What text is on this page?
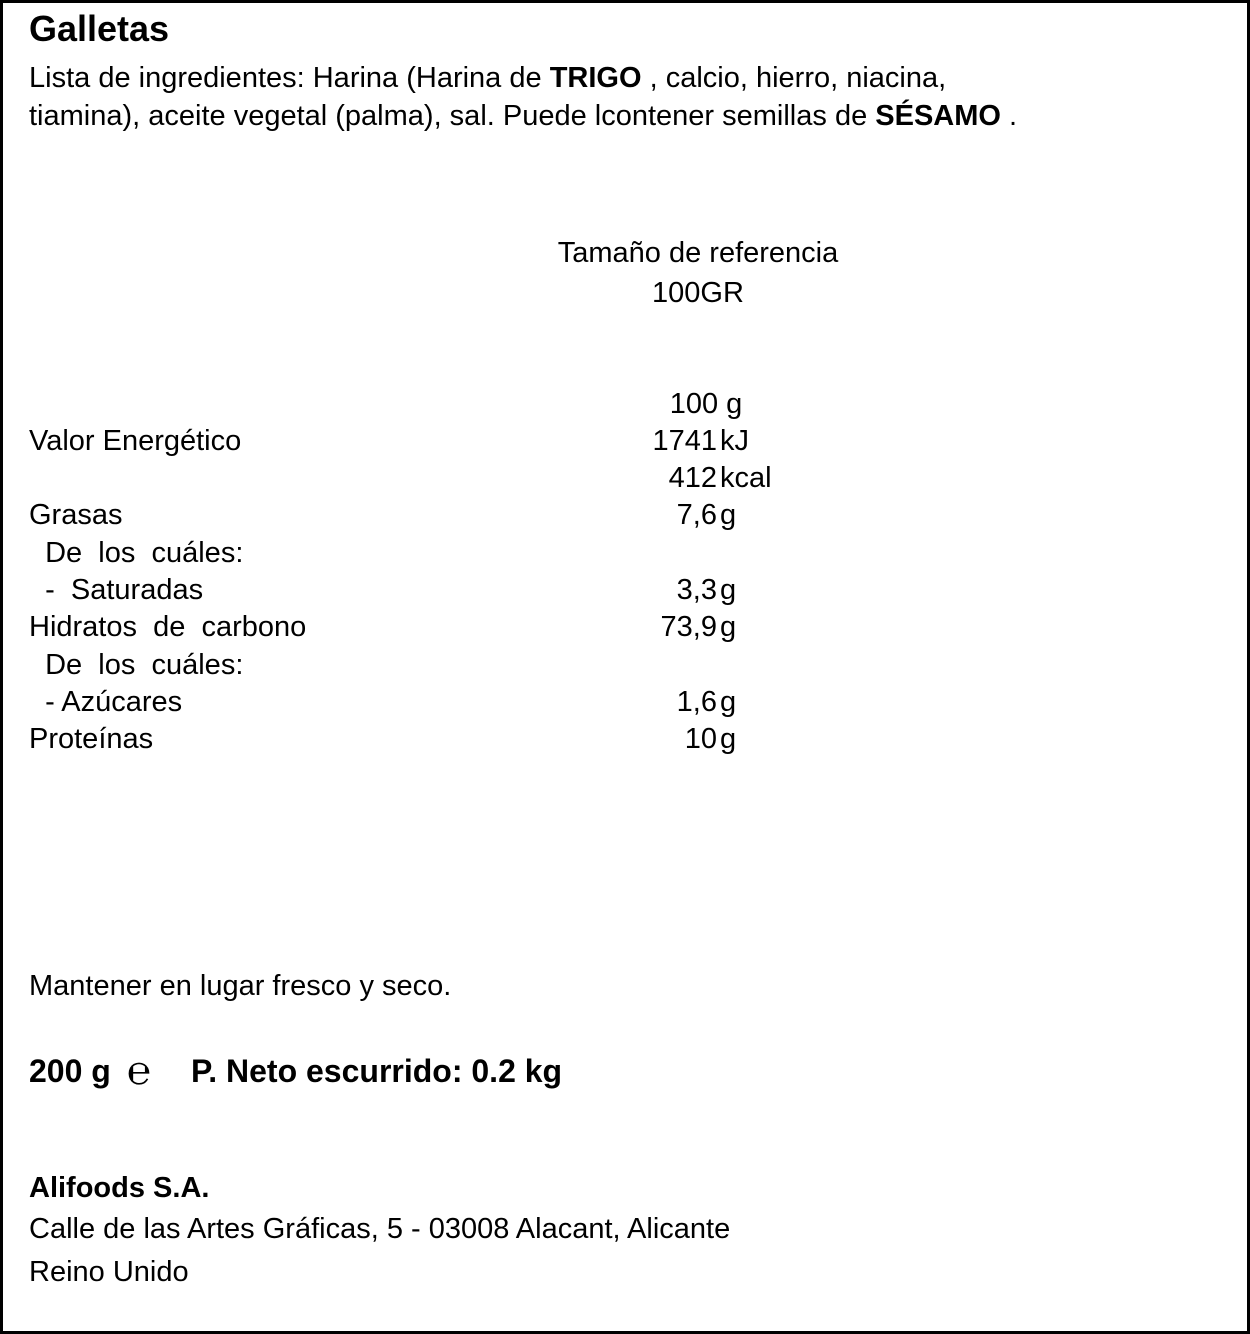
Galletas
Lista de ingredientes: Harina (Harina de TRIGO , calcio, hierro, niacina,
tiamina), aceite vegetal (palma), sal. Puede lcontener semillas de SÉSAMO .
Tamaño de referencia
100GR
100 g
Valor Energético	1741 kJ
412 kcal
Grasas	7,6 g
De  los  cuáles:
-  Saturadas	3,3 g
Hidratos  de  carbono	73,9 g
De  los  cuáles:
- Azúcares	1,6 g
Proteínas	10 g
Mantener en lugar fresco y seco.
200 g ℮ P. Neto escurrido: 0.2 kg
Alifoods S.A.
Calle de las Artes Gráficas, 5 - 03008 Alacant, Alicante
Reino Unido
